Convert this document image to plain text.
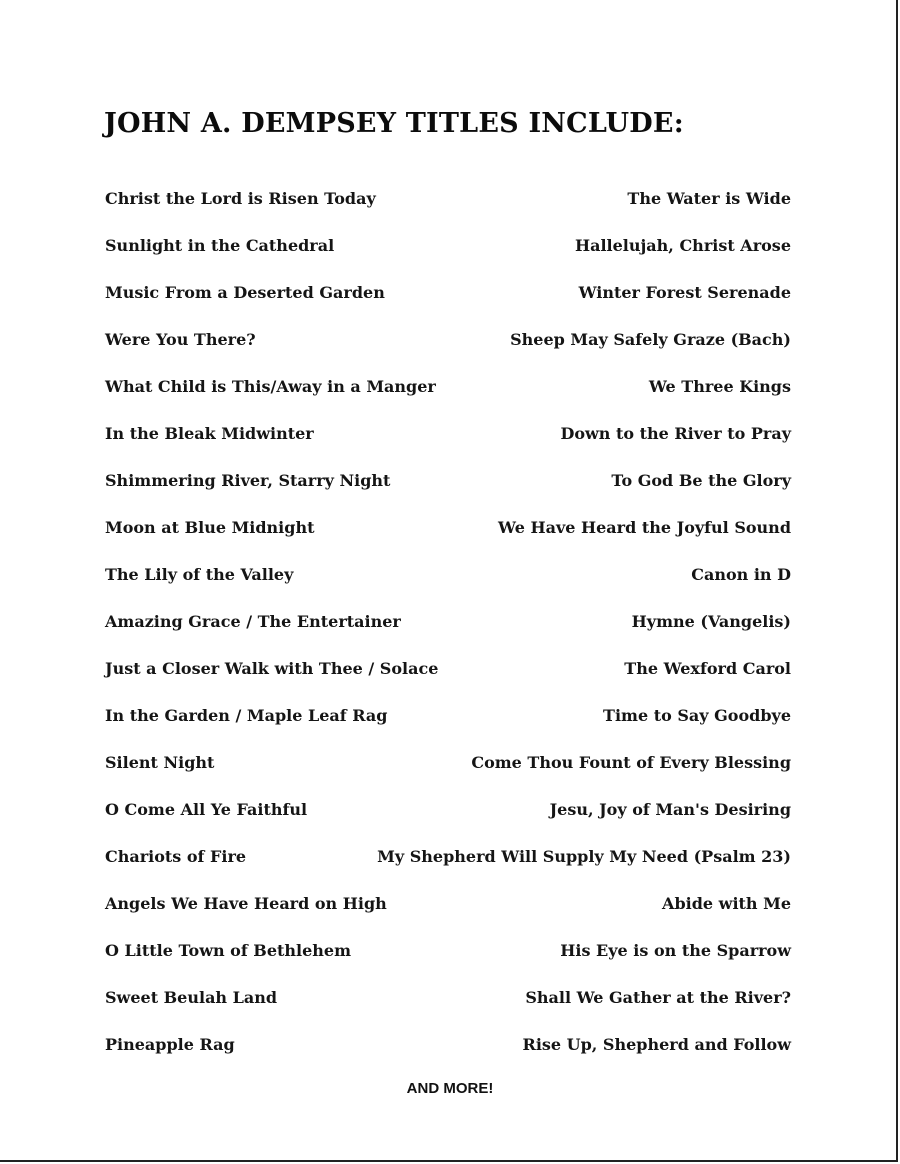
JOHN A. DEMPSEY TITLES INCLUDE:
Christ the Lord is Risen Today	The Water is Wide
Sunlight in the Cathedral	Hallelujah, Christ Arose
Music From a Deserted Garden	Winter Forest Serenade
Were You There?	Sheep May Safely Graze (Bach)
What Child is This/Away in a Manger	We Three Kings
In the Bleak Midwinter	Down to the River to Pray
Shimmering River, Starry Night	To God Be the Glory
Moon at Blue Midnight	We Have Heard the Joyful Sound
The Lily of the Valley	Canon in D
Amazing Grace / The Entertainer	Hymne (Vangelis)
Just a Closer Walk with Thee / Solace	The Wexford Carol
In the Garden / Maple Leaf Rag	Time to Say Goodbye
Silent Night	Come Thou Fount of Every Blessing
O Come All Ye Faithful	Jesu, Joy of Man's Desiring
Chariots of Fire	My Shepherd Will Supply My Need (Psalm 23)
Angels We Have Heard on High	Abide with Me
O Little Town of Bethlehem	His Eye is on the Sparrow
Sweet Beulah Land	Shall We Gather at the River?
Pineapple Rag	Rise Up, Shepherd and Follow
AND MORE!
